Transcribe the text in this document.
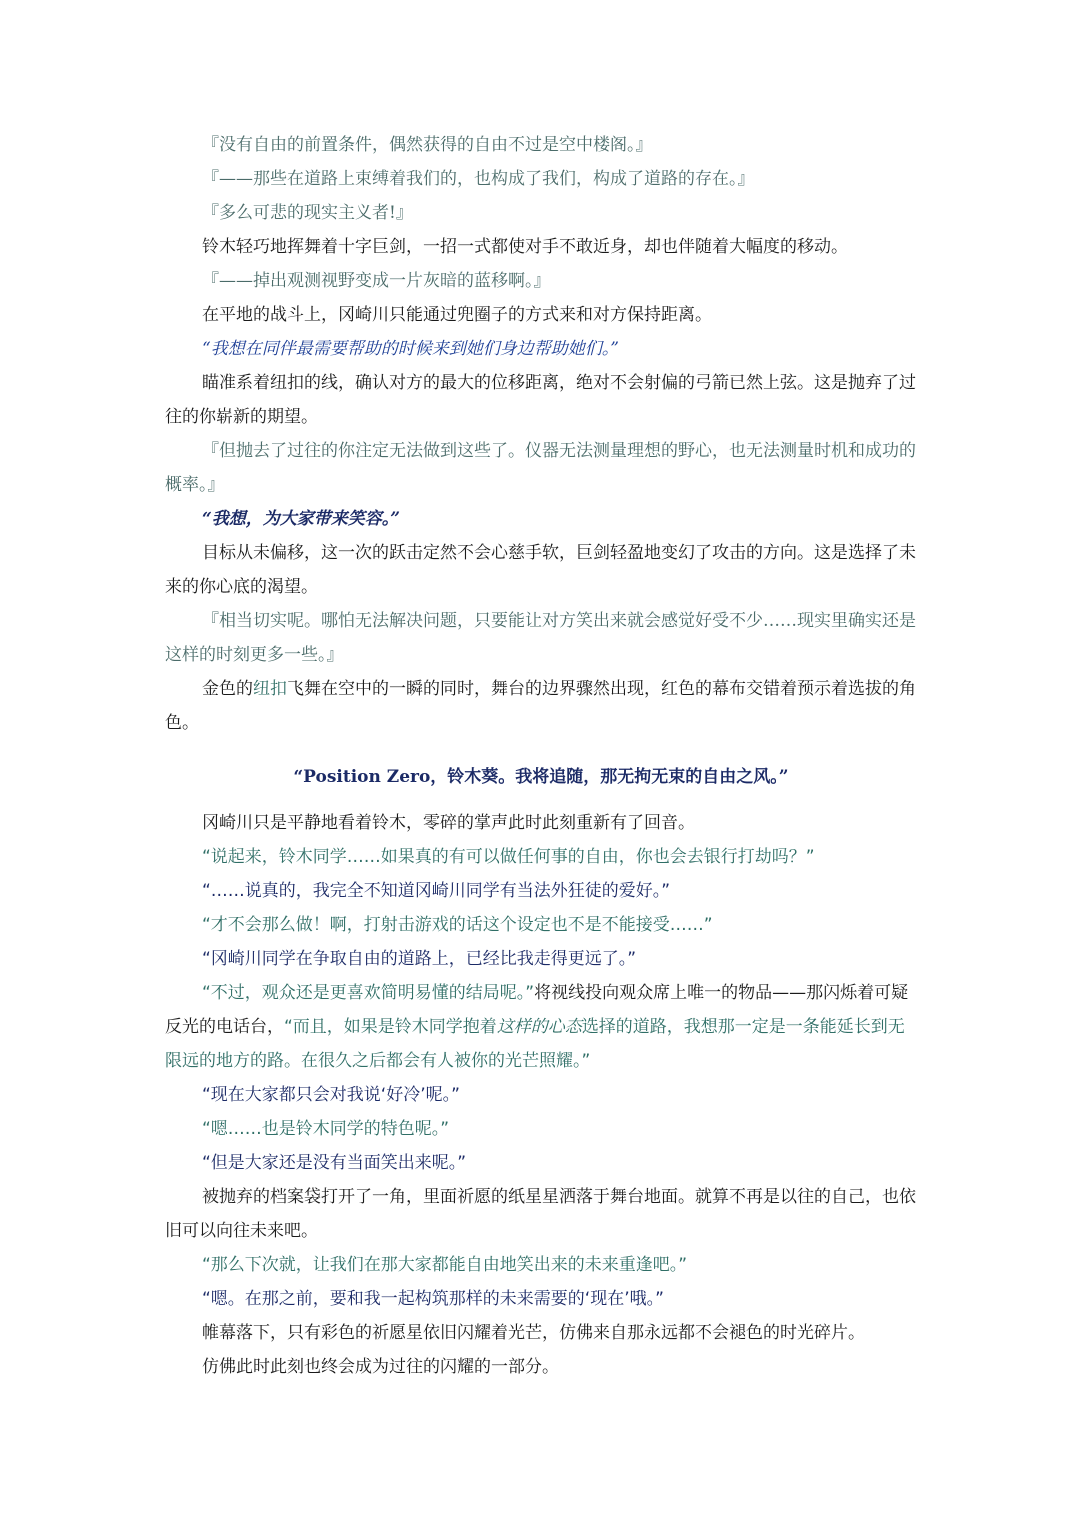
『没有自由的前置条件，偶然获得的自由不过是空中楼阁。』

『——那些在道路上束缚着我们的，也构成了我们，构成了道路的存在。』

『多么可悲的现实主义者!』

铃木轻巧地挥舞着十字巨剑，一招一式都使对手不敢近身，却也伴随着大幅度的移动。

『——掉出观测视野变成一片灰暗的蓝移啊。』

在平地的战斗上，冈崎川只能通过兜圈子的方式来和对方保持距离。

“我想在同伴最需要帮助的时候来到她们身边帮助她们。”

瞄准系着纽扣的线，确认对方的最大的位移距离，绝对不会射偏的弓箭已然上弦。这是抛弃了过往的你崭新的期望。

『但抛去了过往的你注定无法做到这些了。仪器无法测量理想的野心，也无法测量时机和成功的概率。』

“我想，为大家带来笑容。”

目标从未偏移，这一次的跃击定然不会心慈手软，巨剑轻盈地变幻了攻击的方向。这是选择了未来的你心底的渴望。

『相当切实呢。哪怕无法解决问题，只要能让对方笑出来就会感觉好受不少……现实里确实还是这样的时刻更多一些。』

金色的纽扣飞舞在空中的一瞬的同时，舞台的边界骤然出现，红色的幕布交错着预示着选拔的角色。

“Position Zero，铃木葵。我将追随，那无拘无束的自由之风。”

冈崎川只是平静地看着铃木，零碎的掌声此时此刻重新有了回音。

“说起来，铃木同学……如果真的有可以做任何事的自由，你也会去银行打劫吗？”

“……说真的，我完全不知道冈崎川同学有当法外狂徒的爱好。”

“才不会那么做！啊，打射击游戏的话这个设定也不是不能接受……”

“冈崎川同学在争取自由的道路上，已经比我走得更远了。”

“不过，观众还是更喜欢简明易懂的结局呢。”将视线投向观众席上唯一的物品——那闪烁着可疑反光的电话台，“而且，如果是铃木同学抱着这样的心态选择的道路，我想那一定是一条能延长到无限远的地方的路。在很久之后都会有人被你的光芒照耀。”

“现在大家都只会对我说‘好冷’呢。”

“嗯……也是铃木同学的特色呢。”

“但是大家还是没有当面笑出来呢。”

被抛弃的档案袋打开了一角，里面祈愿的纸星星洒落于舞台地面。就算不再是以往的自己，也依旧可以向往未来吧。

“那么下次就，让我们在那大家都能自由地笑出来的未来重逢吧。”

“嗯。在那之前，要和我一起构筑那样的未来需要的‘现在’哦。”

帷幕落下，只有彩色的祈愿星依旧闪耀着光芒，仿佛来自那永远都不会褪色的时光碎片。

仿佛此时此刻也终会成为过往的闪耀的一部分。
